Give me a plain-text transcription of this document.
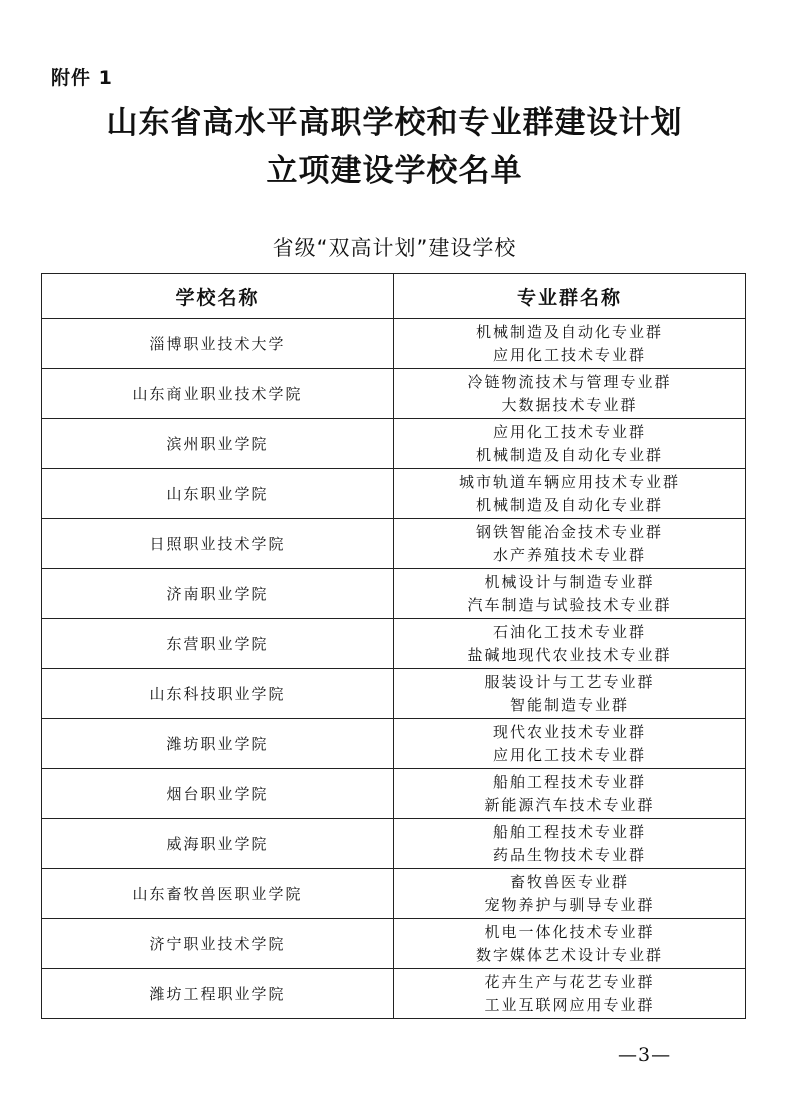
附件 1
山东省高水平高职学校和专业群建设计划
立项建设学校名单
省级“双高计划”建设学校
学校名称	专业群名称
淄博职业技术大学	机械制造及自动化专业群
应用化工技术专业群

山东商业职业技术学院	冷链物流技术与管理专业群
大数据技术专业群

滨州职业学院	应用化工技术专业群
机械制造及自动化专业群

山东职业学院	城市轨道车辆应用技术专业群
机械制造及自动化专业群

日照职业技术学院	钢铁智能冶金技术专业群
水产养殖技术专业群

济南职业学院	机械设计与制造专业群
汽车制造与试验技术专业群

东营职业学院	石油化工技术专业群
盐碱地现代农业技术专业群

山东科技职业学院	服装设计与工艺专业群
智能制造专业群

潍坊职业学院	现代农业技术专业群
应用化工技术专业群

烟台职业学院	船舶工程技术专业群
新能源汽车技术专业群

威海职业学院	船舶工程技术专业群
药品生物技术专业群

山东畜牧兽医职业学院	畜牧兽医专业群
宠物养护与驯导专业群

济宁职业技术学院	机电一体化技术专业群
数字媒体艺术设计专业群

潍坊工程职业学院	花卉生产与花艺专业群
工业互联网应用专业群
—3—
